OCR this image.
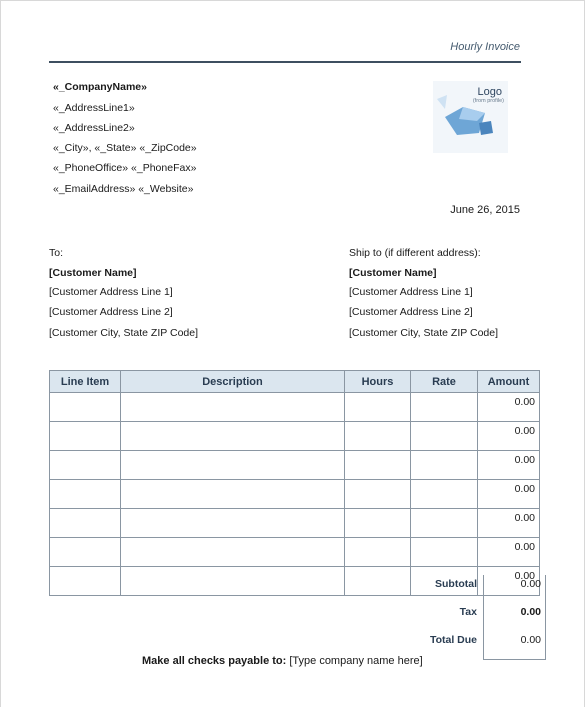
Hourly Invoice
«_CompanyName»
«_AddressLine1»
«_AddressLine2»
«_City», «_State» «_ZipCode»
«_PhoneOffice» «_PhoneFax»
«_EmailAddress» «_Website»
Logo
(from profile)
June 26, 2015
To:
[Customer Name]
[Customer Address Line 1]
[Customer Address Line 2]
[Customer City, State ZIP Code]
Ship to (if different address):
[Customer Name]
[Customer Address Line 1]
[Customer Address Line 2]
[Customer City, State ZIP Code]
Line Item	Description	Hours	Rate	Amount
				0.00
				0.00
				0.00
				0.00
				0.00
				0.00
				0.00
Subtotal	0.00
Tax	0.00
Total Due	0.00
Make all checks payable to: [Type company name here]
